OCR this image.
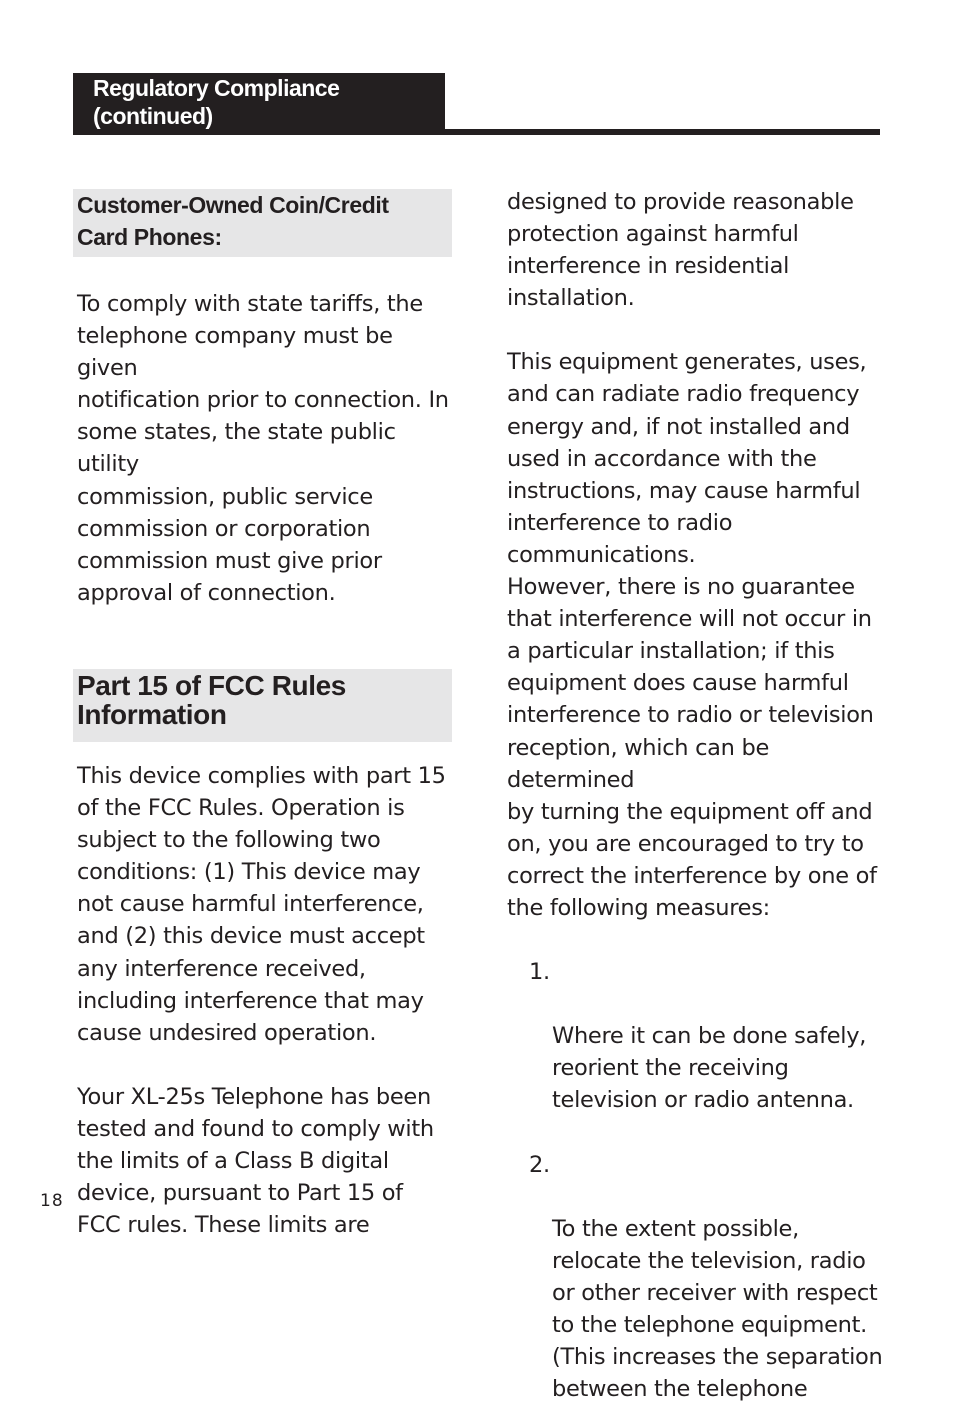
Regulatory Compliance
(continued)
Customer-Owned Coin/Credit
Card Phones:

To comply with state tariffs, the
telephone company must be given
notification prior to connection. In
some states, the state public utility
commission, public service
commission or corporation
commission must give prior
approval of connection.

Part 15 of FCC Rules
Information

This device complies with part 15
of the FCC Rules. Operation is
subject to the following two
conditions: (1) This device may
not cause harmful interference,
and (2) this device must accept
any interference received,
including interference that may
cause undesired operation.

Your XL-25s Telephone has been
tested and found to comply with
the limits of a Class B digital
device, pursuant to Part 15 of
FCC rules. These limits are

designed to provide reasonable
protection against harmful
interference in residential installation.

This equipment generates, uses,
and can radiate radio frequency
energy and, if not installed and
used in accordance with the
instructions, may cause harmful
interference to radio communications.
However, there is no guarantee
that interference will not occur in
a particular installation; if this
equipment does cause harmful
interference to radio or television
reception, which can be determined
by turning the equipment off and
on, you are encouraged to try to
correct the interference by one of
the following measures:

1.

Where it can be done safely,
reorient the receiving
television or radio antenna.

2.

To the extent possible,
relocate the television, radio
or other receiver with respect
to the telephone equipment.
(This increases the separation
between the telephone

18
